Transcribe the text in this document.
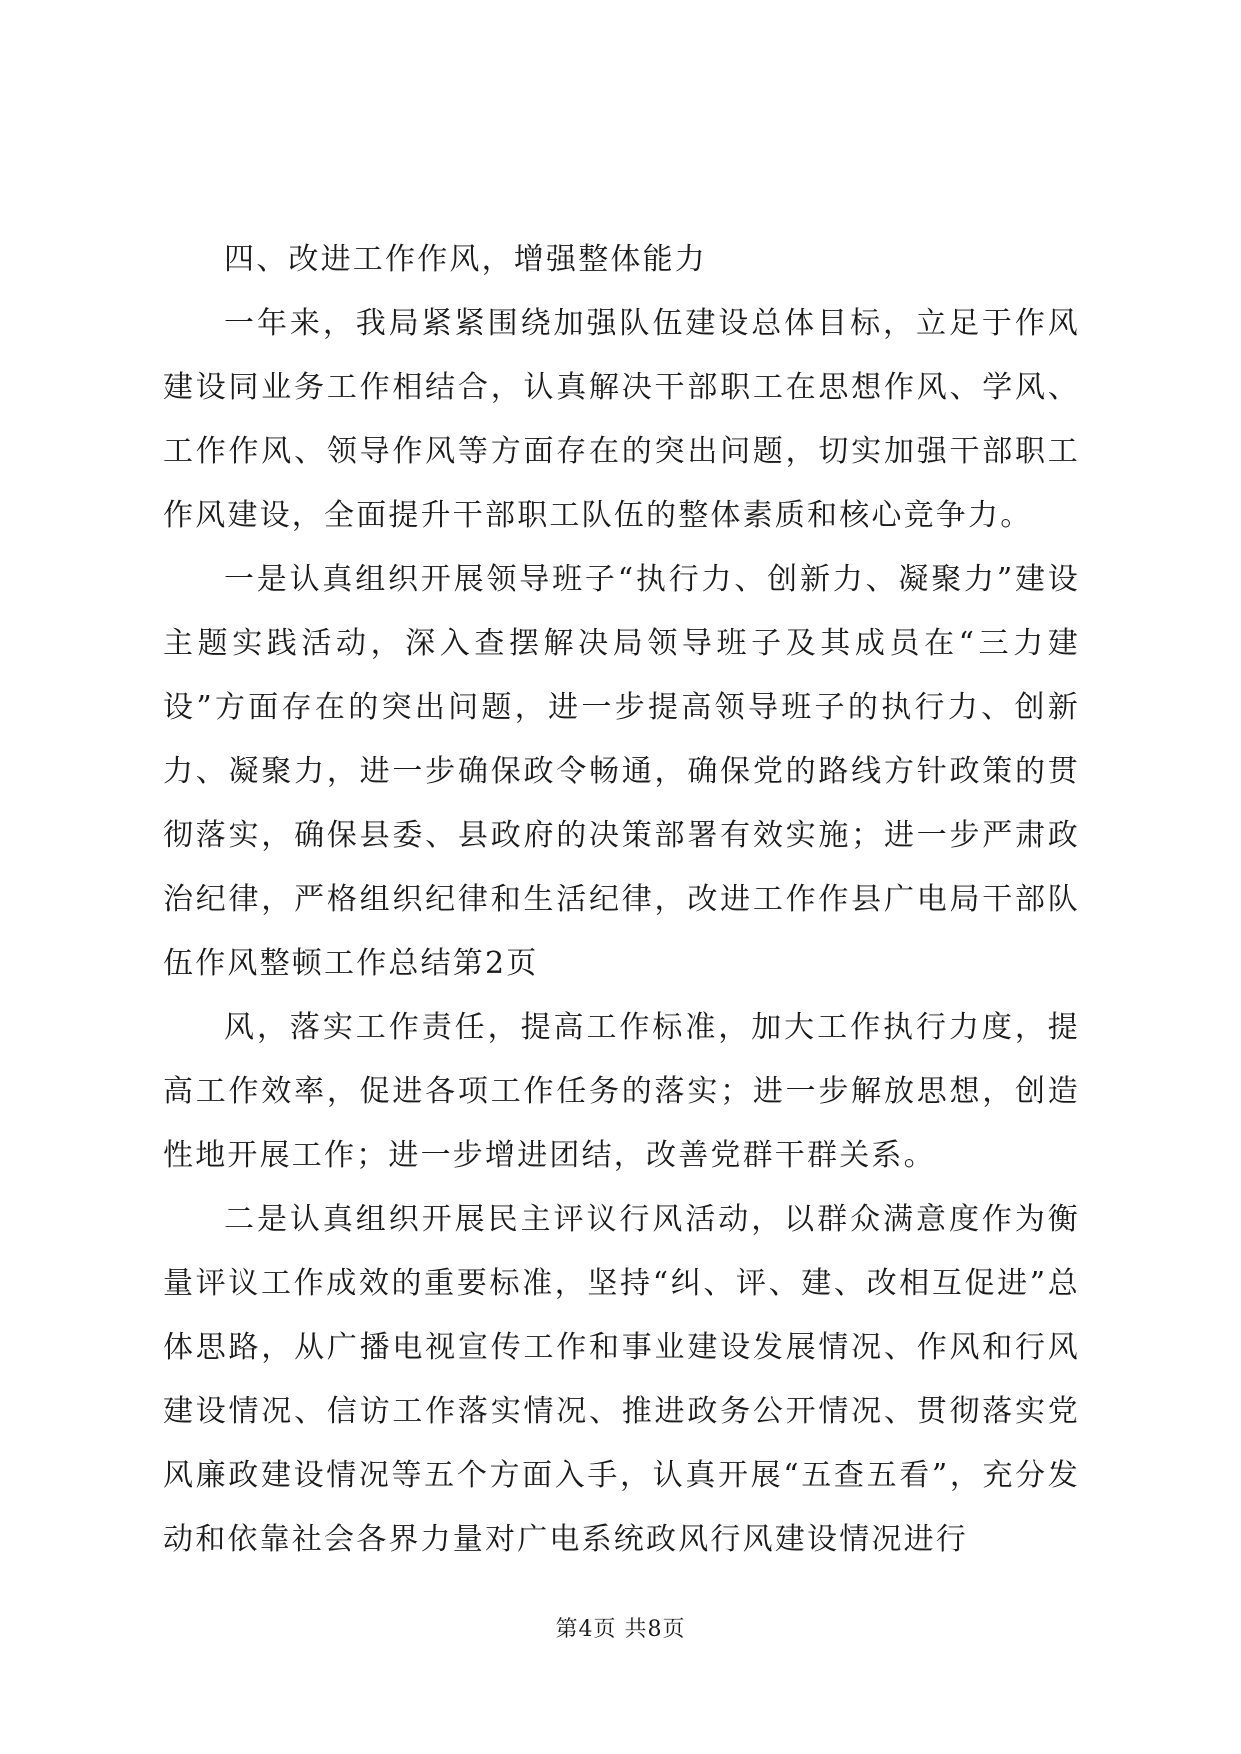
四、改进工作作风，增强整体能力

一年来，我局紧紧围绕加强队伍建设总体目标，立足于作风建设同业务工作相结合，认真解决干部职工在思想作风、学风、工作作风、领导作风等方面存在的突出问题，切实加强干部职工作风建设，全面提升干部职工队伍的整体素质和核心竞争力。

一是认真组织开展领导班子“执行力、创新力、凝聚力”建设主题实践活动，深入查摆解决局领导班子及其成员在“三力建设”方面存在的突出问题，进一步提高领导班子的执行力、创新力、凝聚力，进一步确保政令畅通，确保党的路线方针政策的贯彻落实，确保县委、县政府的决策部署有效实施；进一步严肃政治纪律，严格组织纪律和生活纪律，改进工作作县广电局干部队伍作风整顿工作总结第2页

风，落实工作责任，提高工作标准，加大工作执行力度，提高工作效率，促进各项工作任务的落实；进一步解放思想，创造性地开展工作；进一步增进团结，改善党群干群关系。

二是认真组织开展民主评议行风活动，以群众满意度作为衡量评议工作成效的重要标准，坚持“纠、评、建、改相互促进”总体思路，从广播电视宣传工作和事业建设发展情况、作风和行风建设情况、信访工作落实情况、推进政务公开情况、贯彻落实党风廉政建设情况等五个方面入手，认真开展“五查五看”，充分发动和依靠社会各界力量对广电系统政风行风建设情况进行

第4页 共8页
